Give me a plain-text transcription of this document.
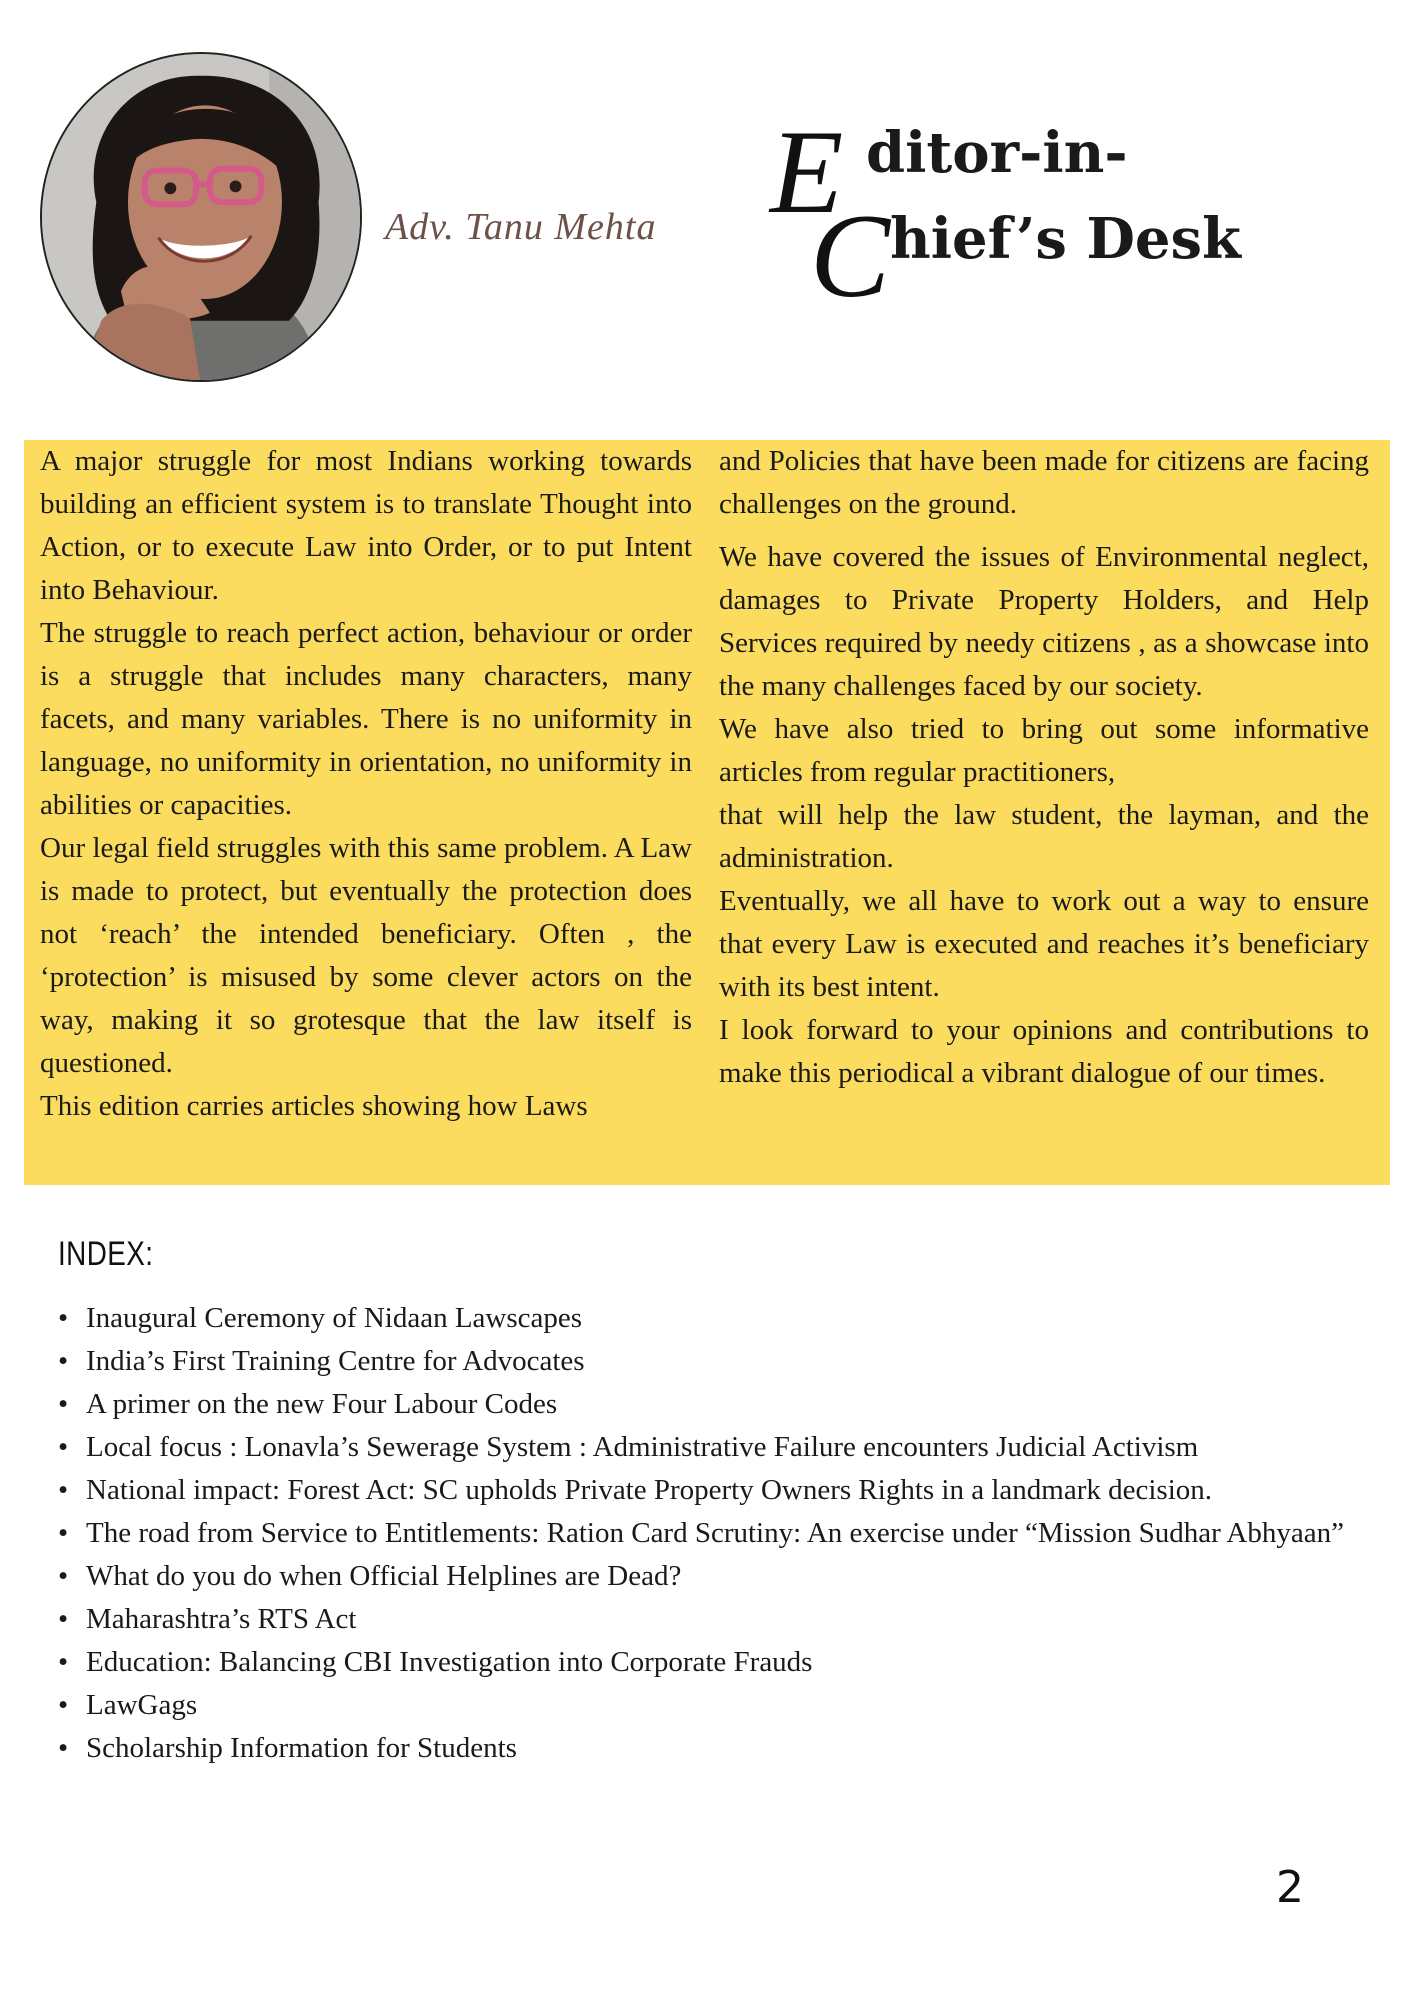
Adv. Tanu Mehta E ditor-in-
C hief’s Desk

A major struggle for most Indians working towards building an efficient system is to translate Thought into Action, or to execute Law into Order, or to put Intent into Behaviour.

The struggle to reach perfect action, behaviour or order is a struggle that includes many characters, many facets, and many variables. There is no uniformity in language, no uniformity in orientation, no uniformity in abilities or capacities.

Our legal field struggles with this same problem. A Law is made to protect, but eventually the protection does not ‘reach’ the intended beneficiary. Often , the ‘protection’ is misused by some clever actors on the way, making it so grotesque that the law itself is questioned.

This edition carries articles showing how Laws

and Policies that have been made for citizens are facing challenges on the ground.

We have covered the issues of Environmental neglect, damages to Private Property Holders, and Help Services required by needy citizens , as a showcase into the many challenges faced by our society.

We have also tried to bring out some informative articles from regular practitioners,

that will help the law student, the layman, and the administration.

Eventually, we all have to work out a way to ensure that every Law is executed and reaches it’s beneficiary with its best intent.

I look forward to your opinions and contributions to make this periodical a vibrant dialogue of our times.

INDEX:
• Inaugural Ceremony of Nidaan Lawscapes
• India’s First Training Centre for Advocates
• A primer on the new Four Labour Codes
• Local focus : Lonavla’s Sewerage System : Administrative Failure encounters Judicial Activism
• National impact: Forest Act: SC upholds Private Property Owners Rights in a landmark decision.
• The road from Service to Entitlements: Ration Card Scrutiny: An exercise under “Mission Sudhar Abhyaan”
• What do you do when Official Helplines are Dead?
• Maharashtra’s RTS Act
• Education: Balancing CBI Investigation into Corporate Frauds
• LawGags
• Scholarship Information for Students
2
